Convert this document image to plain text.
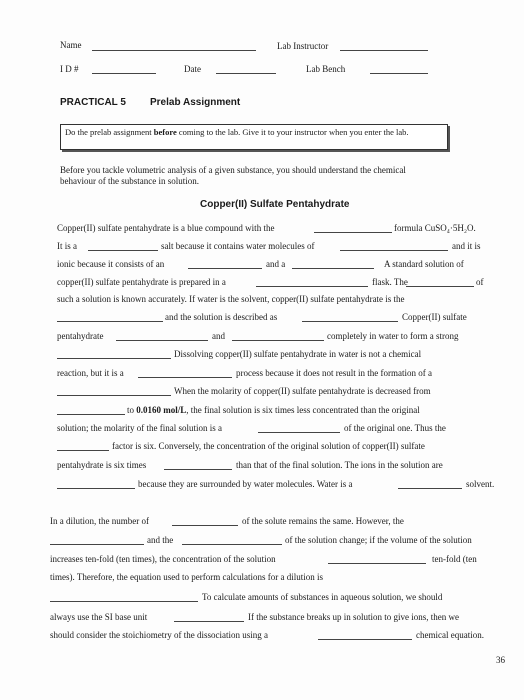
Name	Lab Instructor
I D #	Date	Lab Bench
PRACTICAL 5 Prelab Assignment
Do the prelab assignment before coming to the lab. Give it to your instructor when you enter the lab.
Before you tackle volumetric analysis of a given substance, you should understand the chemical
behaviour of the substance in solution.
Copper(II) Sulfate Pentahydrate
Copper(II) sulfate pentahydrate is a blue compound with the	formula CuSO₄·5H₂O.
It is a	salt because it contains water molecules of	and it is
ionic because it consists of an	and a	A standard solution of
copper(II) sulfate pentahydrate is prepared in a	flask. The	of
such a solution is known accurately. If water is the solvent, copper(II) sulfate pentahydrate is the
and the solution is described as	Copper(II) sulfate
pentahydrate	and	completely in water to form a strong
Dissolving copper(II) sulfate pentahydrate in water is not a chemical
reaction, but it is a	process because it does not result in the formation of a
When the molarity of copper(II) sulfate pentahydrate is decreased from
to 0.0160 mol/L, the final solution is six times less concentrated than the original
solution; the molarity of the final solution is a	of the original one. Thus the
factor is six. Conversely, the concentration of the original solution of copper(II) sulfate
pentahydrate is six times	than that of the final solution. The ions in the solution are
because they are surrounded by water molecules. Water is a	solvent.
In a dilution, the number of	of the solute remains the same. However, the
and the	of the solution change; if the volume of the solution
increases ten-fold (ten times), the concentration of the solution	ten-fold (ten
times). Therefore, the equation used to perform calculations for a dilution is
To calculate amounts of substances in aqueous solution, we should
always use the SI base unit	If the substance breaks up in solution to give ions, then we
should consider the stoichiometry of the dissociation using a	chemical equation.
36
